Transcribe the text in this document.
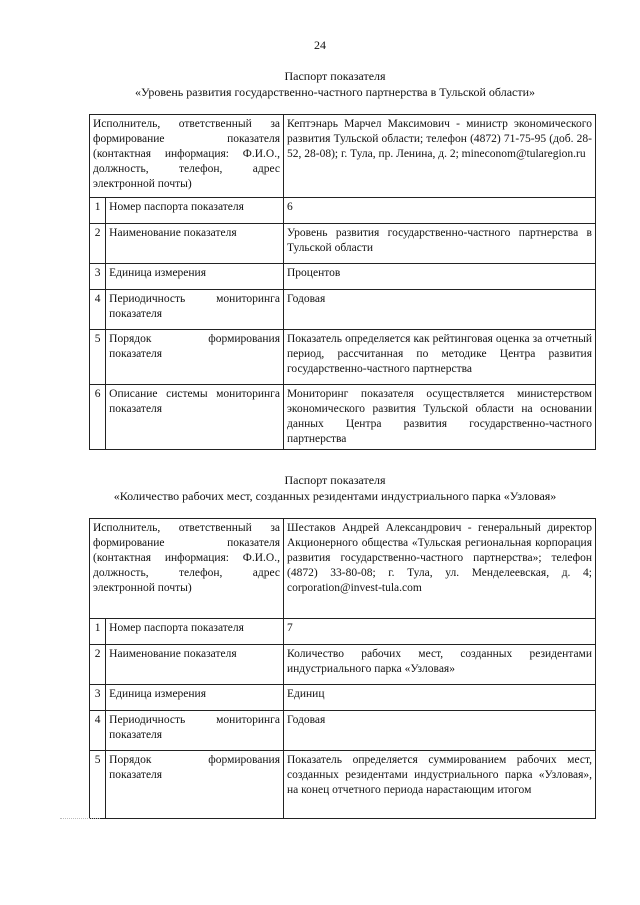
24
Паспорт показателя
«Уровень развития государственно-частного партнерства в Тульской области»
Исполнитель, ответственный за формирование показателя (контактная информация: Ф.И.О., должность, телефон, адрес электронной почты)		Кептэнарь Марчел Максимович - министр экономического развития Тульской области; телефон (4872) 71-75-95 (доб. 28-52, 28-08); г. Тула, пр. Ленина, д. 2; mineconom@tularegion.ru
1	Номер паспорта показателя	6
2	Наименование показателя	Уровень развития государственно-частного партнерства в Тульской области
3	Единица измерения	Процентов
4	Периодичность мониторинга показателя	Годовая
5	Порядок формирования показателя	Показатель определяется как рейтинговая оценка за отчетный период, рассчитанная по методике Центра развития государственно-частного партнерства
6	Описание системы мониторинга показателя	Мониторинг показателя осуществляется министерством экономического развития Тульской области на основании данных Центра развития государственно-частного партнерства
Паспорт показателя
«Количество рабочих мест, созданных резидентами индустриального парка «Узловая»
Исполнитель, ответственный за формирование показателя (контактная информация: Ф.И.О., должность, телефон, адрес электронной почты)		Шестаков Андрей Александрович - генеральный директор Акционерного общества «Тульская региональная корпорация развития государственно-частного партнерства»; телефон (4872) 33-80-08; г. Тула, ул. Менделеевская, д. 4; corporation@invest-tula.com
1	Номер паспорта показателя	7
2	Наименование показателя	Количество рабочих мест, созданных резидентами индустриального парка «Узловая»
3	Единица измерения	Единиц
4	Периодичность мониторинга показателя	Годовая
5	Порядок формирования показателя	Показатель определяется суммированием рабочих мест, созданных резидентами индустриального парка «Узловая», на конец отчетного периода нарастающим итогом
